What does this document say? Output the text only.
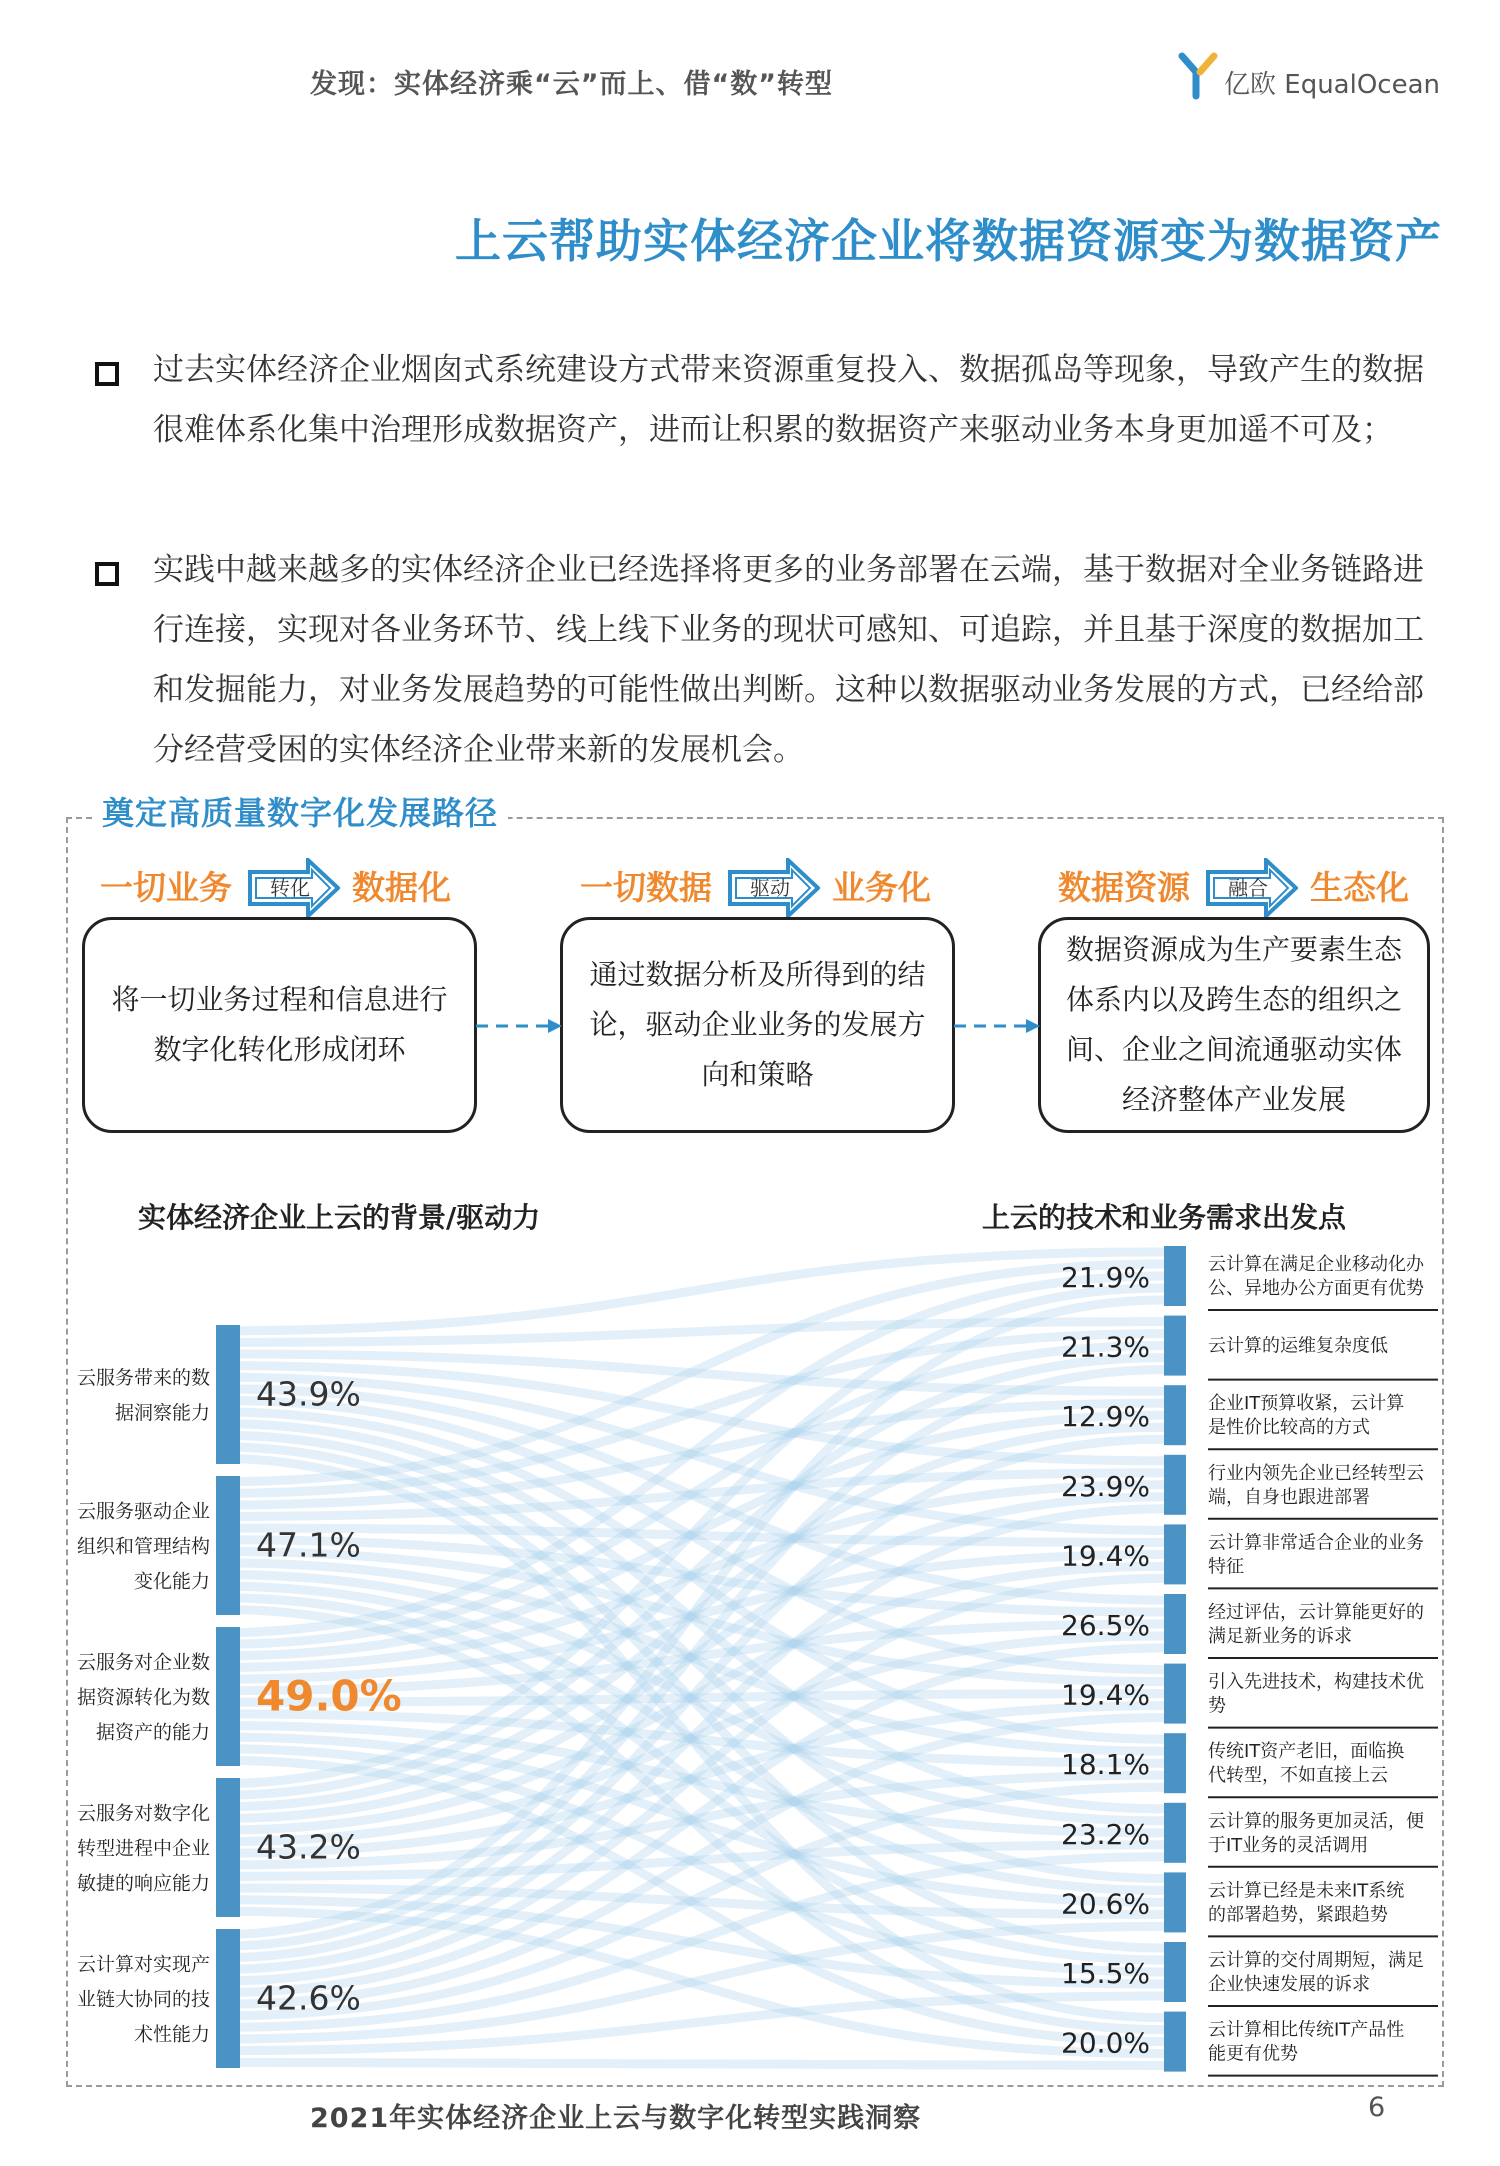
发现：实体经济乘“云”而上、借“数”转型	亿欧 EqualOcean
上云帮助实体经济企业将数据资源变为数据资产
过去实体经济企业烟囱式系统建设方式带来资源重复投入、数据孤岛等现象，导致产生的数据很难体系化集中治理形成数据资产，进而让积累的数据资产来驱动业务本身更加遥不可及；
实践中越来越多的实体经济企业已经选择将更多的业务部署在云端，基于数据对全业务链路进行连接，实现对各业务环节、线上线下业务的现状可感知、可追踪，并且基于深度的数据加工和发掘能力，对业务发展趋势的可能性做出判断。这种以数据驱动业务发展的方式，已经给部分经营受困的实体经济企业带来新的发展机会。
奠定高质量数字化发展路径
一切业务	转化	数据化
将一切业务过程和信息进行数字化转化形成闭环
一切数据	驱动	业务化
通过数据分析及所得到的结论，驱动企业业务的发展方向和策略
数据资源	融合	生态化
数据资源成为生产要素生态体系内以及跨生态的组织之间、企业之间流通驱动实体经济整体产业发展
实体经济企业上云的背景/驱动力	上云的技术和业务需求出发点
云服务带来的数据洞察能力 43.9%
云服务驱动企业组织和管理结构变化能力
47.1%
云服务对企业数据资源转化为数据资产的能力
49.0%
云服务对数字化转型进程中企业敏捷的响应能力
43.2%
云计算对实现产业链大协同的技术性能力
42.6%
21.9%	云计算在满足企业移动化办公、异地办公方面更有优势
21.3%	云计算的运维复杂度低
12.9%	企业IT预算收紧，云计算是性价比较高的方式
23.9%	行业内领先企业已经转型云端，自身也跟进部署
19.4%	云计算非常适合企业的业务特征
26.5%	经过评估，云计算能更好的满足新业务的诉求
19.4%	引入先进技术，构建技术优势
18.1%	传统IT资产老旧，面临换代转型，不如直接上云
23.2%	云计算的服务更加灵活，便于IT业务的灵活调用
20.6%	云计算已经是未来IT系统的部署趋势，紧跟趋势
15.5%	云计算的交付周期短，满足企业快速发展的诉求
20.0%	云计算相比传统IT产品性能更有优势
2021年实体经济企业上云与数字化转型实践洞察	6
